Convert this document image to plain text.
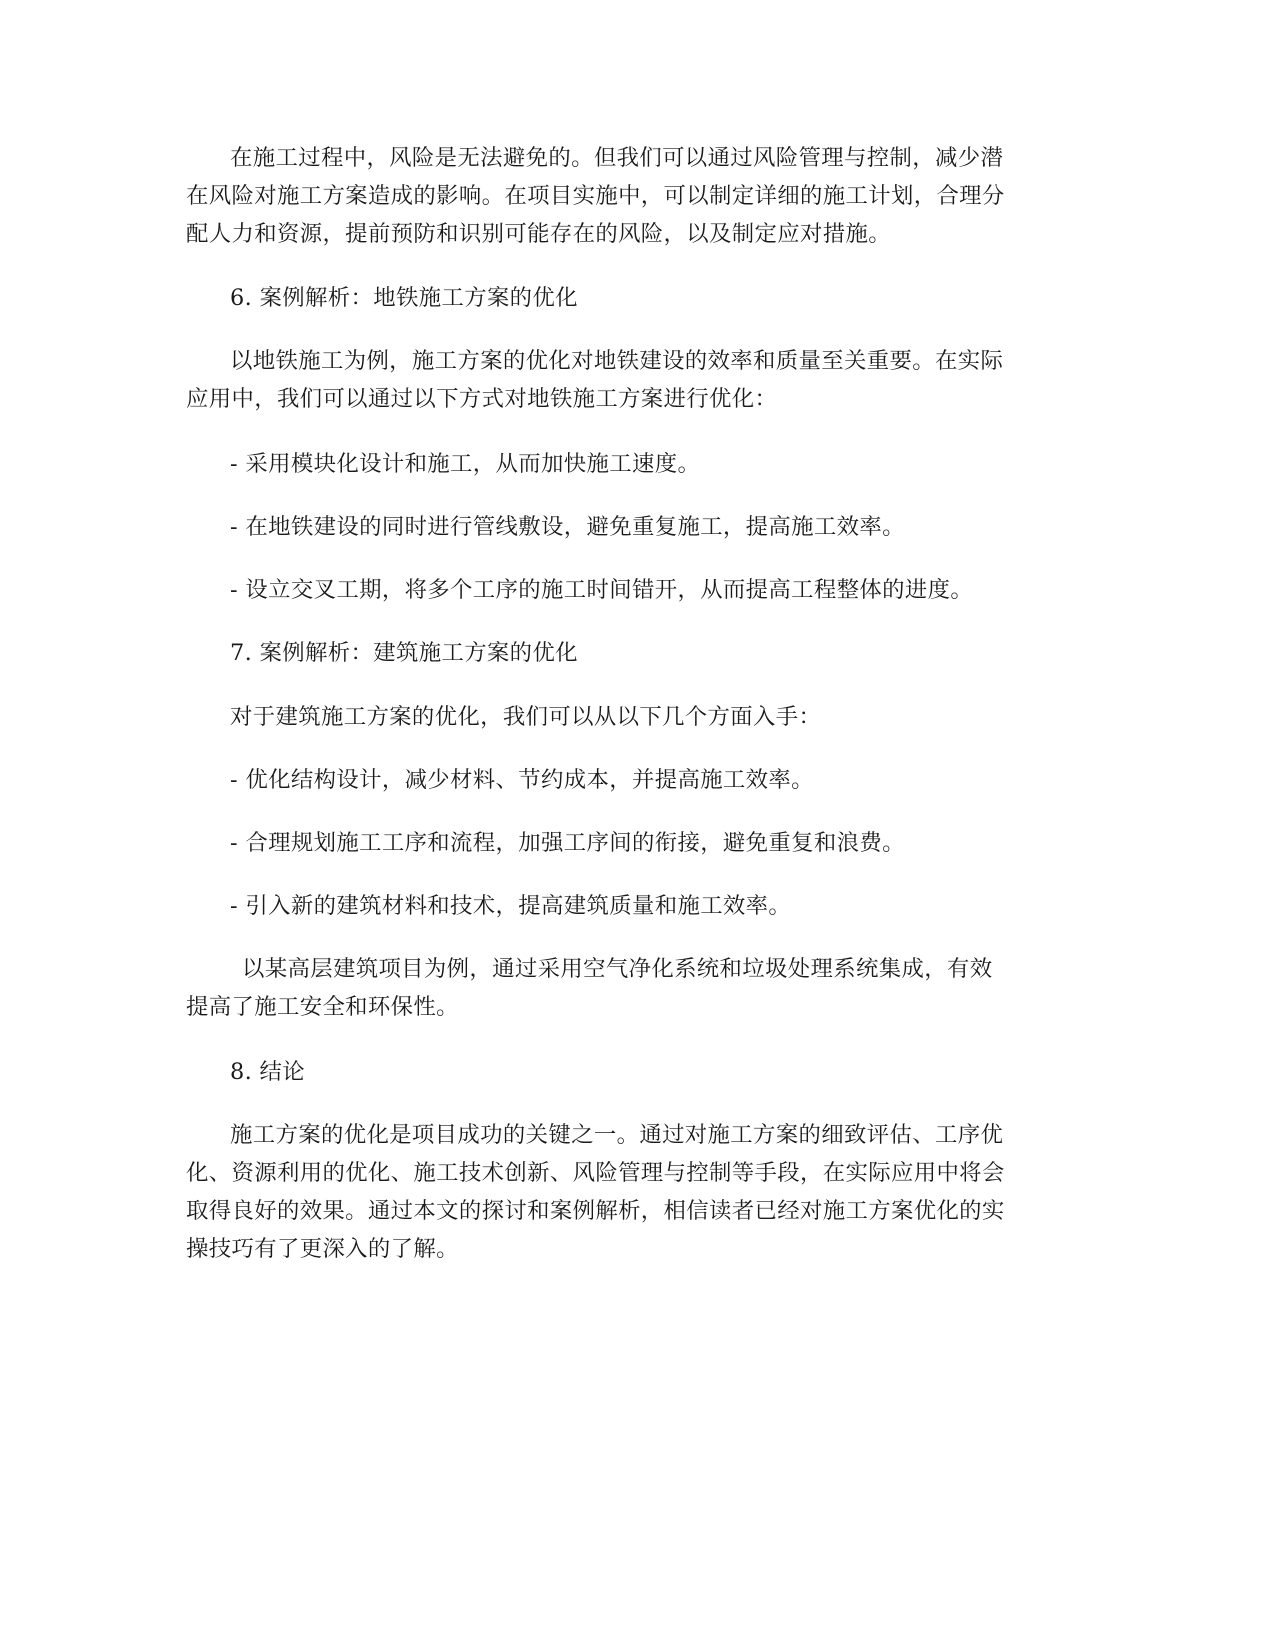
在施工过程中，风险是无法避免的。但我们可以通过风险管理与控制，减少潜
在风险对施工方案造成的影响。在项目实施中，可以制定详细的施工计划，合理分
配人力和资源，提前预防和识别可能存在的风险，以及制定应对措施。
6. 案例解析：地铁施工方案的优化
以地铁施工为例，施工方案的优化对地铁建设的效率和质量至关重要。在实际
应用中，我们可以通过以下方式对地铁施工方案进行优化：
- 采用模块化设计和施工，从而加快施工速度。
- 在地铁建设的同时进行管线敷设，避免重复施工，提高施工效率。
- 设立交叉工期，将多个工序的施工时间错开，从而提高工程整体的进度。
7. 案例解析：建筑施工方案的优化
对于建筑施工方案的优化，我们可以从以下几个方面入手：
- 优化结构设计，减少材料、节约成本，并提高施工效率。
- 合理规划施工工序和流程，加强工序间的衔接，避免重复和浪费。
- 引入新的建筑材料和技术，提高建筑质量和施工效率。
以某高层建筑项目为例，通过采用空气净化系统和垃圾处理系统集成，有效
提高了施工安全和环保性。
8. 结论
施工方案的优化是项目成功的关键之一。通过对施工方案的细致评估、工序优
化、资源利用的优化、施工技术创新、风险管理与控制等手段，在实际应用中将会
取得良好的效果。通过本文的探讨和案例解析，相信读者已经对施工方案优化的实
操技巧有了更深入的了解。
